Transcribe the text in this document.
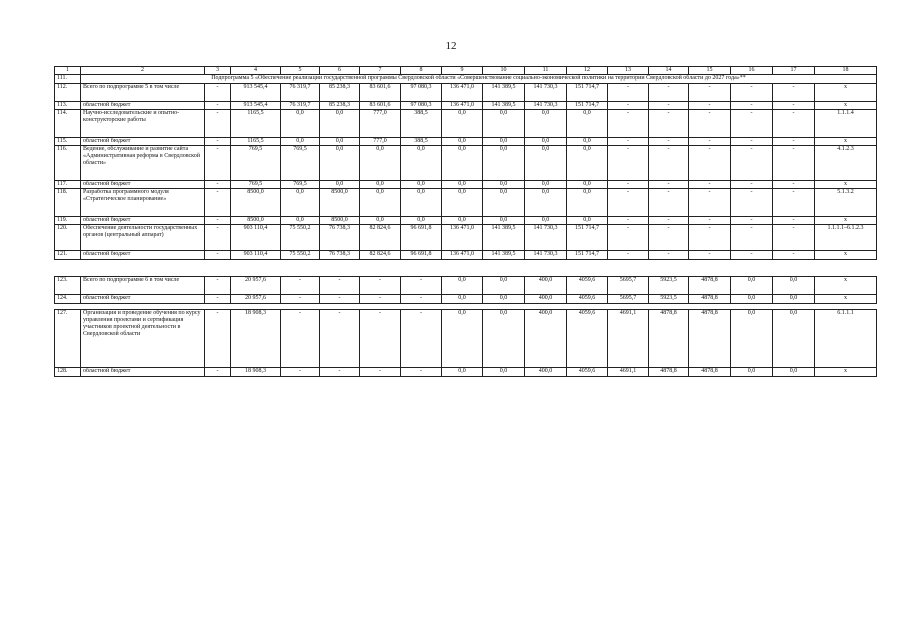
12
1	2	3	4	5	6	7	8	9	10	11	12	13	14	15	16	17	18
111.	Подпрограмма 5 «Обеспечение реализации государственной программы Свердловской области «Совершенствование социально-экономической политики на территории Свердловской области до 2027 года»**																
112.	Всего по подпрограмме 5 в том числе	-	913 545,4	76 319,7	85 238,3	83 601,6	97 080,3	136 471,0	141 389,5	141 730,3	151 714,7	-	-	-	-	-	х
113.	областной бюджет	-	913 545,4	76 319,7	85 238,3	83 601,6	97 080,3	136 471,0	141 389,5	141 730,3	151 714,7	-	-	-	-	-	х
114.	Научно-исследовательские и опытно-конструкторские работы	-	1165,5	0,0	0,0	777,0	388,5	0,0	0,0	0,0	0,0	-	-	-	-	-	1.1.1.4
115.	областной бюджет	-	1165,5	0,0	0,0	777,0	388,5	0,0	0,0	0,0	0,0	-	-	-	-	-	х
116.	Ведение, обслуживание и развитие сайта «Административная реформа в Свердловской области»	-	769,5	769,5	0,0	0,0	0,0	0,0	0,0	0,0	0,0	-	-	-	-	-	4.1.2.3
117.	областной бюджет	-	769,5	769,5	0,0	0,0	0,0	0,0	0,0	0,0	0,0	-	-	-	-	-	х
118.	Разработка программного модуля «Стратегическое планирование»	-	8500,0	0,0	8500,0	0,0	0,0	0,0	0,0	0,0	0,0	-	-	-	-	-	5.1.3.2
119.	областной бюджет	-	8500,0	0,0	8500,0	0,0	0,0	0,0	0,0	0,0	0,0	-	-	-	-	-	х
120.	Обеспечение деятельности государственных органов (центральный аппарат)	-	903 110,4	75 550,2	76 738,3	82 824,6	96 691,8	136 471,0	141 389,5	141 730,3	151 714,7	-	-	-	-	-	1.1.1.1–6.1.2.3
121.	областной бюджет	-	903 110,4	75 550,2	76 738,3	82 824,6	96 691,8	136 471,0	141 389,5	141 730,3	151 714,7	-	-	-	-	-	х
123.	Всего по подпрограмме 6 в том числе	-	20 957,6	-	-	-	-	0,0	0,0	400,0	4059,6	5695,7	5923,5	4878,8	0,0	0,0	х
124.	областной бюджет	-	20 957,6	-	-	-	-	0,0	0,0	400,0	4059,6	5695,7	5923,5	4878,8	0,0	0,0	х
127.	Организация и проведение обучения по курсу управления проектами и сертификация участников проектной деятельности в Свердловской области	-	18 908,3	-	-	-	-	0,0	0,0	400,0	4059,6	4691,1	4878,8	4878,8	0,0	0,0	6.1.1.1
128.	областной бюджет	-	18 908,3	-	-	-	-	0,0	0,0	400,0	4059,6	4691,1	4878,8	4878,8	0,0	0,0	х
